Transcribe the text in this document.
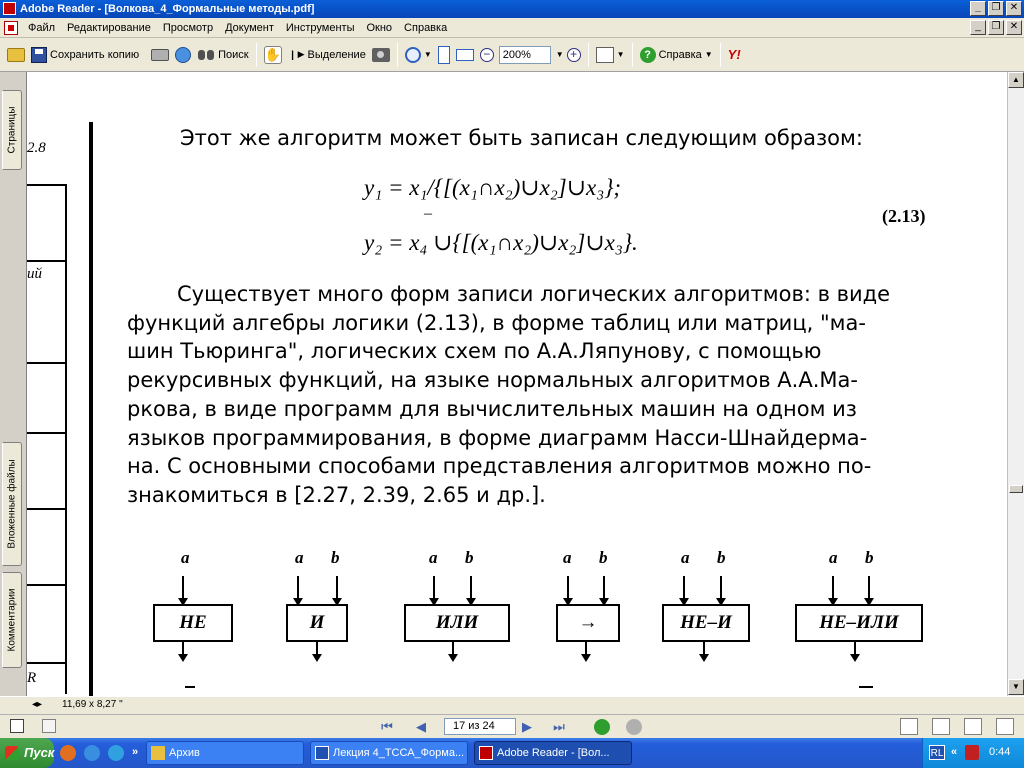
Adobe Reader - [Волкова_4_Формальные методы.pdf]	_	❐ ✕
Файл	Редактирование	Просмотр	Документ	Инструменты	Окно	Справка	_	❐ ✕
Сохранить копию	Поиск ✋ I ▶ Выделение	▼	−	200%	▼ +	▼	? Справка ▼ Y!
Страницы
Вложенные файлы
Комментарии
2.8
ий
R
Этот же алгоритм может быть записан следующим образом:
y₁ = x₁/{[(x₁∩x₂)∪x₂]∪x₃};
–
y₂ = x₄ ∪{[(x₁∩x₂)∪x₂]∪x₃}.
(2.13)
Существует много форм записи логических алгоритмов: в виде
функций алгебры логики (2.13), в форме таблиц или матриц, "ма-
шин Тьюринга", логических схем по А.А.Ляпунову, с помощью
рекурсивных функций, на языке нормальных алгоритмов А.А.Ма-
ркова, в виде программ для вычислительных машин на одном из
языков программирования, в форме диаграмм Насси-Шнайдерма-
на. С основными способами представления алгоритмов можно по-
знакомиться в [2.27, 2.39, 2.65 и др.].
a
НЕ
a b
И
a b
ИЛИ
a b
→
a b
НЕ–И
a b
НЕ–ИЛИ
▲
▼
◂▸ 11,69 x 8,27 "
⏮	◀	17 из 24	▶	⏭
Пуск	»	Архив	Лекция 4_ТССА_Форма...	Adobe Reader - [Вол...	RL «	0:44
